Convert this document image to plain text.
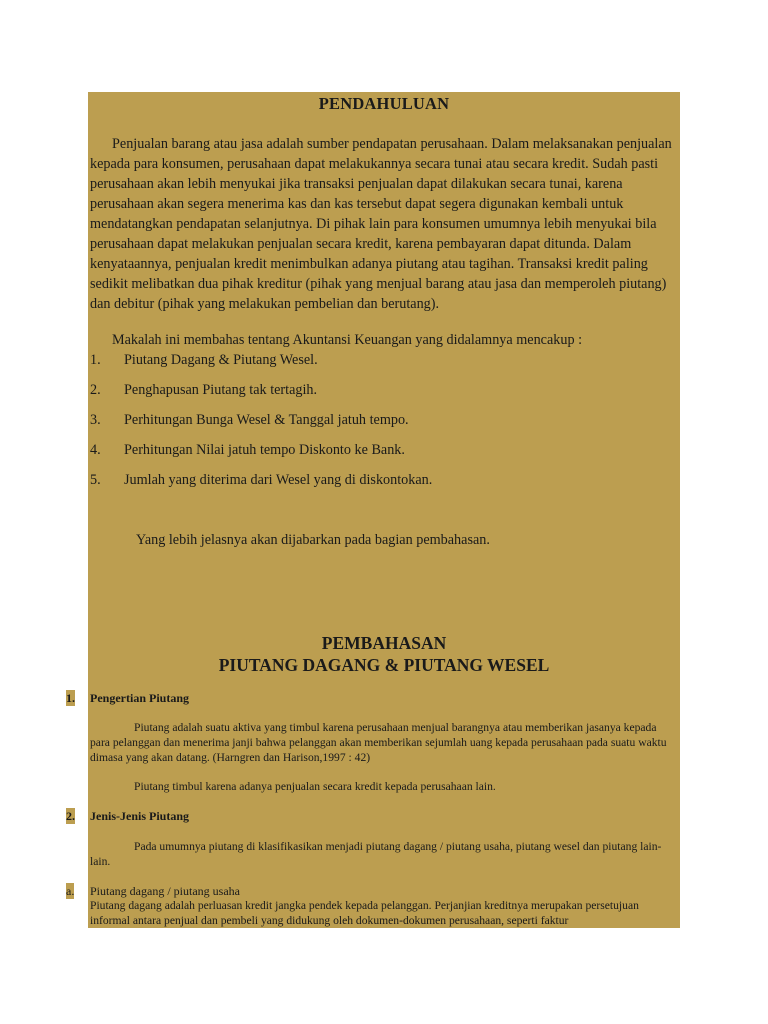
PENDAHULUAN

Penjualan barang atau jasa adalah sumber pendapatan perusahaan. Dalam melaksanakan penjualan kepada para konsumen, perusahaan dapat melakukannya secara tunai atau secara kredit. Sudah pasti perusahaan akan lebih menyukai jika transaksi penjualan dapat dilakukan secara tunai, karena perusahaan akan segera menerima kas dan kas tersebut dapat segera digunakan kembali untuk mendatangkan pendapatan selanjutnya. Di pihak lain para konsumen umumnya lebih menyukai bila perusahaan dapat melakukan penjualan secara kredit, karena pembayaran dapat ditunda. Dalam kenyataannya, penjualan kredit menimbulkan adanya piutang atau tagihan. Transaksi kredit paling sedikit melibatkan dua pihak kreditur (pihak yang menjual barang atau jasa dan memperoleh piutang) dan debitur (pihak yang melakukan pembelian dan berutang).

Makalah ini membahas tentang Akuntansi Keuangan yang didalamnya mencakup :

1. Piutang Dagang & Piutang Wesel.
2. Penghapusan Piutang tak tertagih.
3. Perhitungan Bunga Wesel & Tanggal jatuh tempo.
4. Perhitungan Nilai jatuh tempo Diskonto ke Bank.
5. Jumlah yang diterima dari Wesel yang di diskontokan.

Yang lebih jelasnya akan dijabarkan pada bagian pembahasan.

PEMBAHASAN
PIUTANG DAGANG & PIUTANG WESEL
1. Pengertian Piutang

Piutang adalah suatu aktiva yang timbul karena perusahaan menjual barangnya atau memberikan jasanya kepada para pelanggan dan menerima janji bahwa pelanggan akan memberikan sejumlah uang kepada perusahaan pada suatu waktu dimasa yang akan datang. (Harngren dan Harison,1997 : 42)

Piutang timbul karena adanya penjualan secara kredit kepada perusahaan lain.

2. Jenis-Jenis Piutang

Pada umumnya piutang di klasifikasikan menjadi piutang dagang / piutang usaha, piutang wesel dan piutang lain-lain.

a. Piutang dagang / piutang usaha

Piutang dagang adalah perluasan kredit jangka pendek kepada pelanggan. Perjanjian kreditnya merupakan persetujuan informal antara penjual dan pembeli yang didukung oleh dokumen-dokumen perusahaan, seperti faktur
